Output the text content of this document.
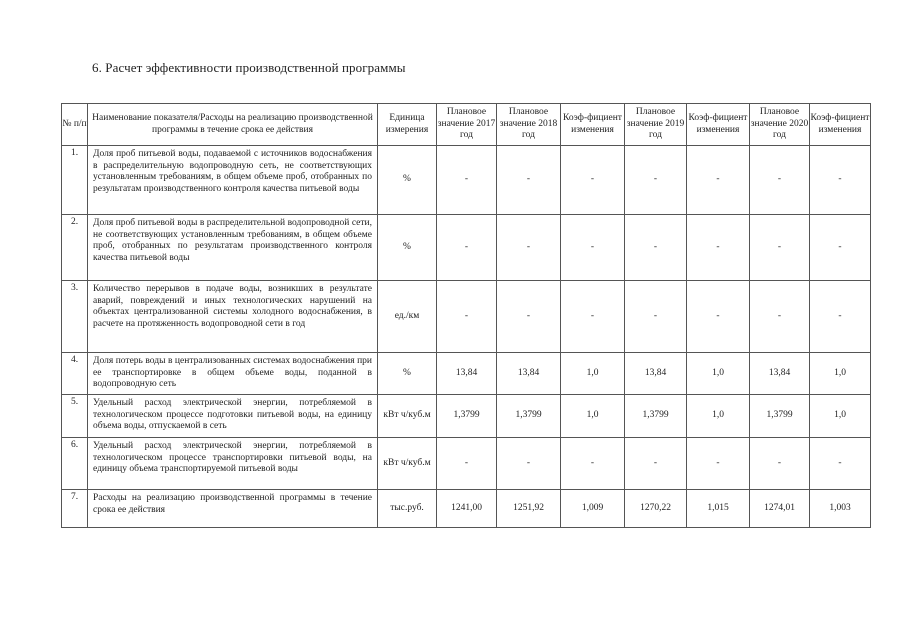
6. Расчет эффективности производственной программы
№ п/п	Наименование показателя/Расходы на реализацию производственной программы в течение срока ее действия	Единица измерения	Плановое значение 2017 год	Плановое значение 2018 год	Коэф-фициент изменения	Плановое значение 2019 год	Коэф-фициент изменения	Плановое значение 2020 год	Коэф-фициент изменения
1.	Доля проб питьевой воды, подаваемой с источников водоснабжения в распределительную водопроводную сеть, не соответствующих установленным требованиям, в общем объеме проб, отобранных по результатам производственного контроля качества питьевой воды	%	-	-	-	-	-	-	-
2.	Доля проб питьевой воды в распределительной водопроводной сети, не соответствующих установленным требованиям, в общем объеме проб, отобранных по результатам производственного контроля качества питьевой воды	%	-	-	-	-	-	-	-
3.	Количество перерывов в подаче воды, возникших в результате аварий, повреждений и иных технологических нарушений на объектах централизованной системы холодного водоснабжения, в расчете на протяженность водопроводной сети в год	ед./км	-	-	-	-	-	-	-
4.	Доля потерь воды в централизованных системах водоснабжения при ее транспортировке в общем объеме воды, поданной в водопроводную сеть	%	13,84	13,84	1,0	13,84	1,0	13,84	1,0
5.	Удельный расход электрической энергии, потребляемой в технологическом процессе подготовки питьевой воды, на единицу объема воды, отпускаемой в сеть	кВт ч/куб.м	1,3799	1,3799	1,0	1,3799	1,0	1,3799	1,0
6.	Удельный расход электрической энергии, потребляемой в технологическом процессе транспортировки питьевой воды, на единицу объема транспортируемой питьевой воды	кВт ч/куб.м	-	-	-	-	-	-	-
7.	Расходы на реализацию производственной программы в течение срока ее действия	тыс.руб.	1241,00	1251,92	1,009	1270,22	1,015	1274,01	1,003
